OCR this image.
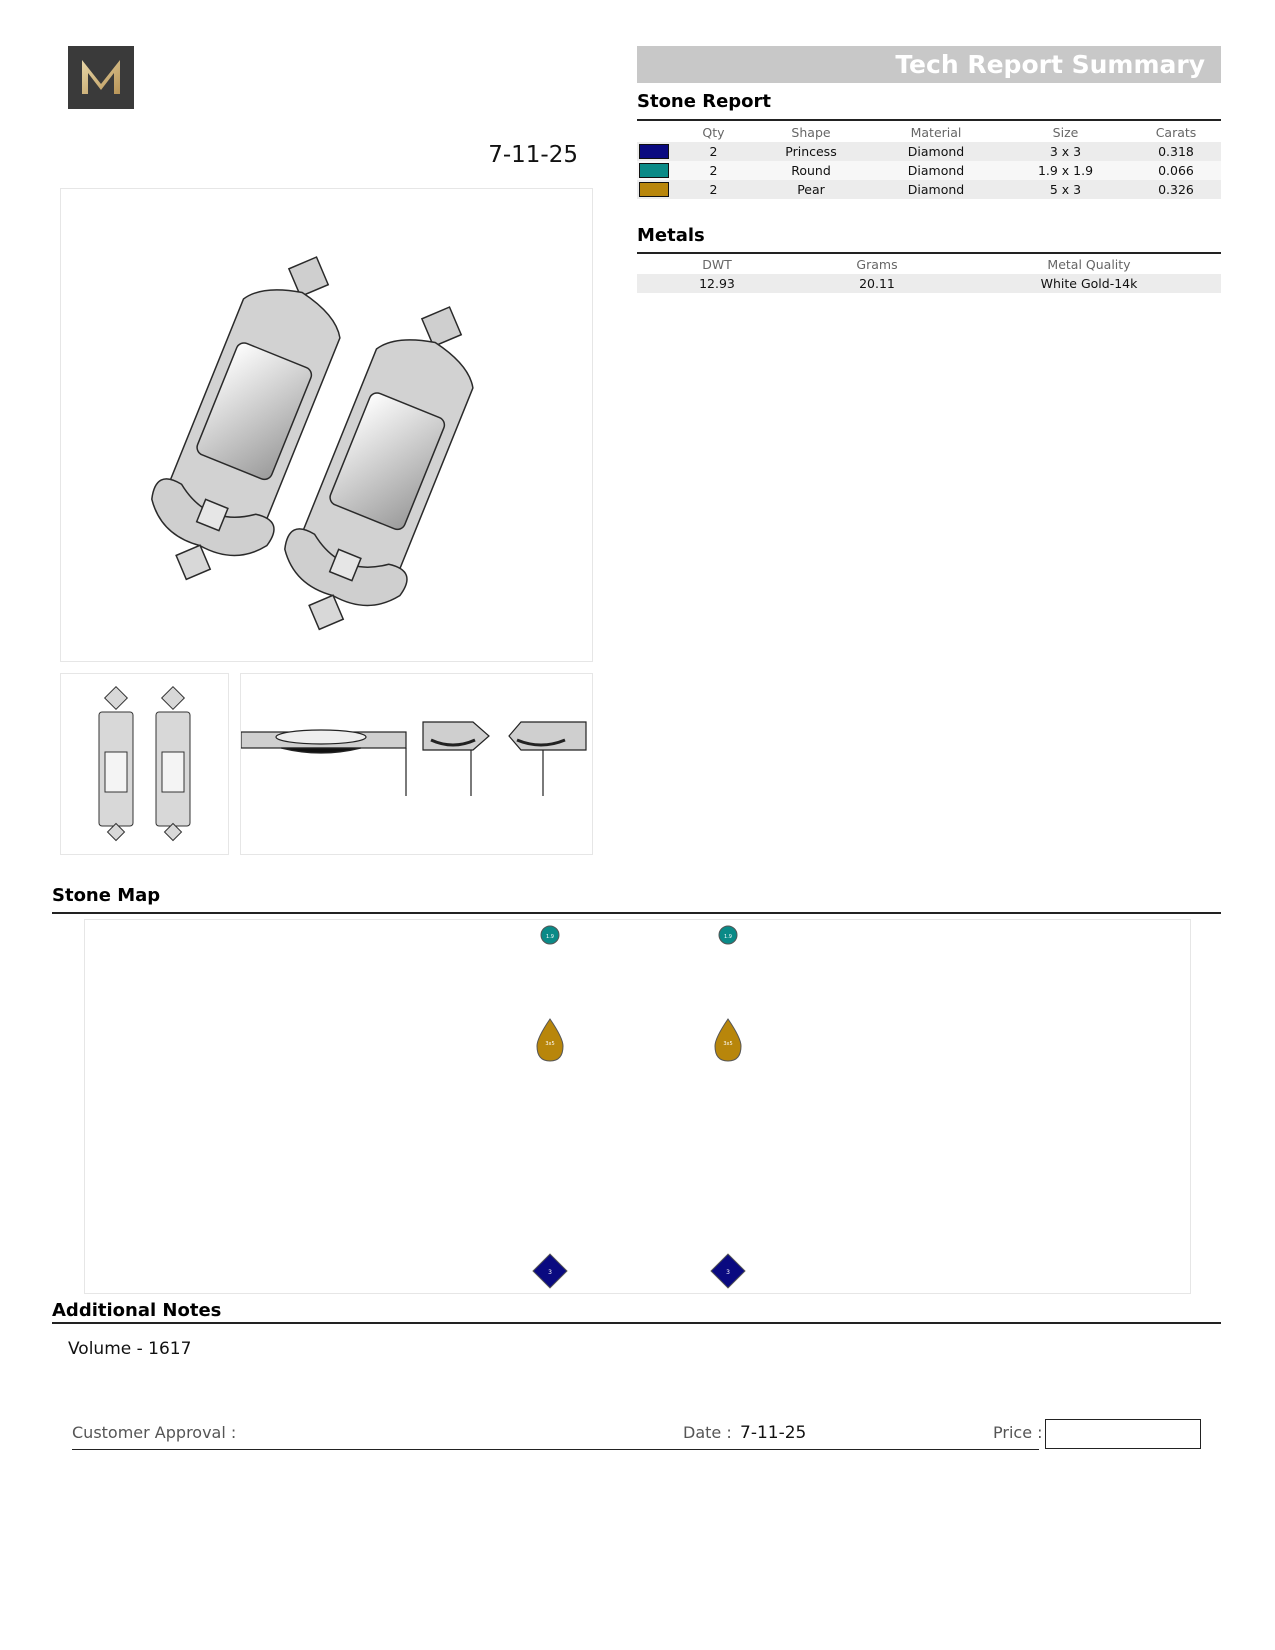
7-11-25
Tech Report Summary
Stone Report
	Qty	Shape	Material	Size	Carats

	2	Princess	Diamond	3 x 3	0.318

	2	Round	Diamond	1.9 x 1.9	0.066

	2	Pear	Diamond	5 x 3	0.326
Metals
DWT	Grams	Metal Quality
12.93	20.11	White Gold-14k
Stone Map
1.9	1.9
3x5	3x5
3	3
Additional Notes
Volume - 1617
Customer Approval :	Date : 7-11-25	Price :
